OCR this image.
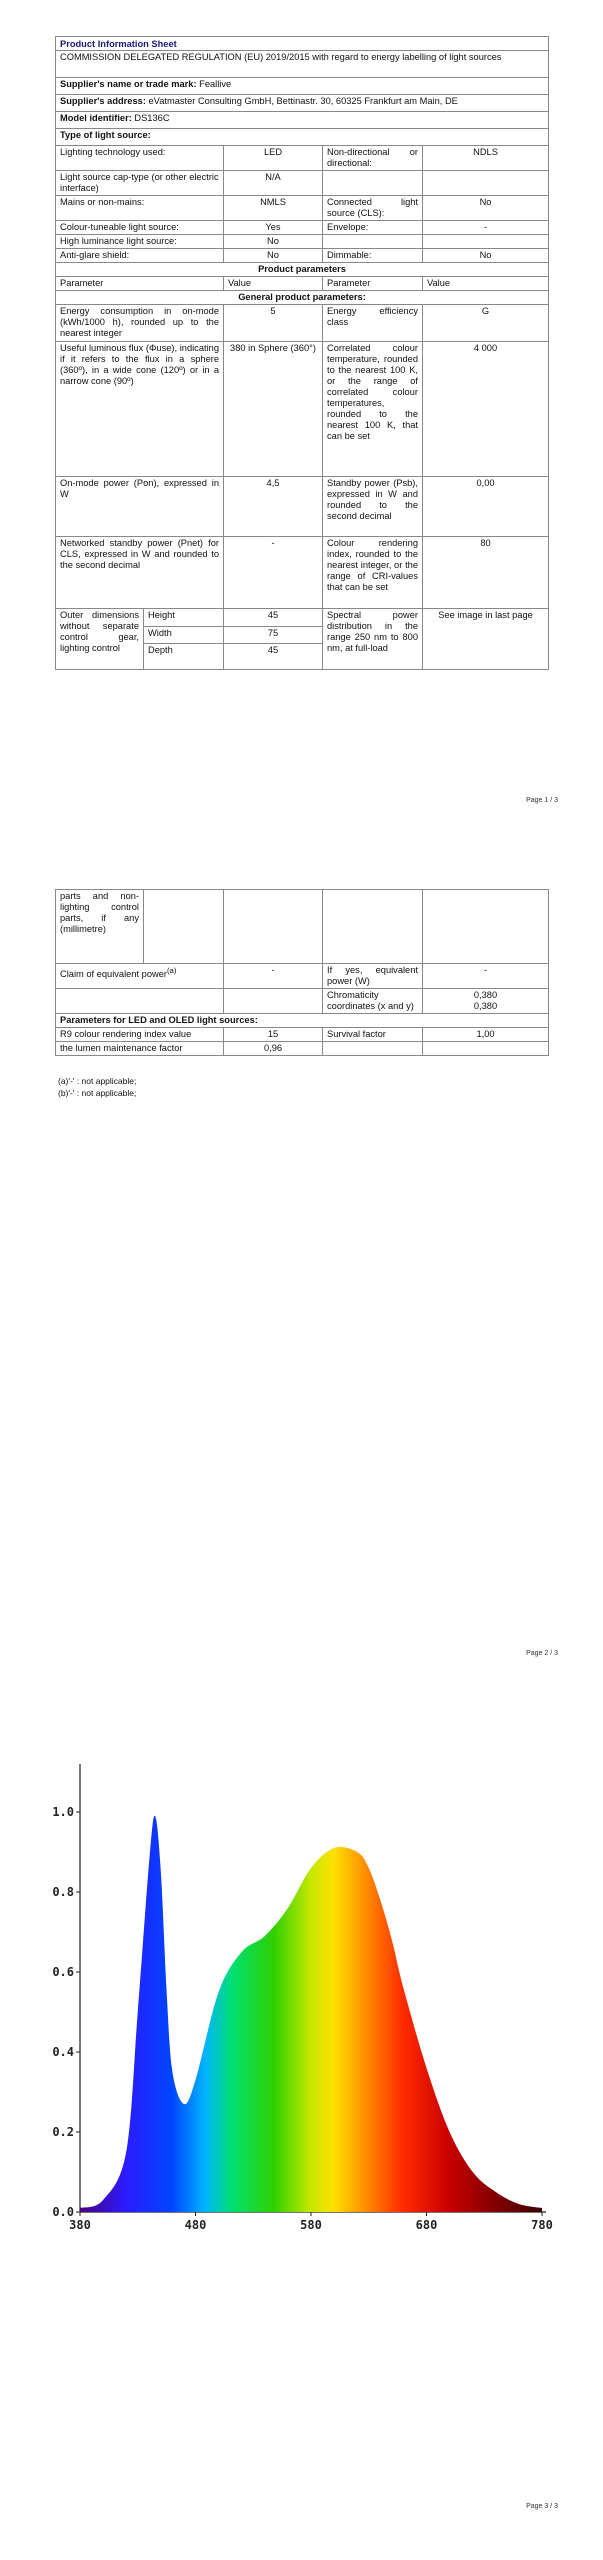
Product Information Sheet				
COMMISSION DELEGATED REGULATION (EU) 2019/2015 with regard to energy labelling of light sources				
Supplier's name or trade mark: Feallive				
Supplier's address: eVatmaster Consulting GmbH, Bettinastr. 30, 60325 Frankfurt am Main, DE				
Model identifier: DS136C				
Type of light source:				
Lighting technology used:		LED	Non-directional or directional:	NDLS
Light source cap-type (or other electric interface)		N/A		
Mains or non-mains:		NMLS	Connected light source (CLS):	No
Colour-tuneable light source:		Yes	Envelope:	-
High luminance light source:		No		
Anti-glare shield:		No	Dimmable:	No
Product parameters				
Parameter		Value	Parameter	Value
General product parameters:				
Energy consumption in on-mode (kWh/1000 h), rounded up to the nearest integer		5	Energy efficiency class	G
Useful luminous flux (Φuse), indicating if it refers to the flux in a sphere (360º), in a wide cone (120º) or in a narrow cone (90º)		380 in Sphere (360°)	Correlated colour temperature, rounded to the nearest 100 K, or the range of correlated colour temperatures, rounded to the nearest 100 K, that can be set	4 000
On-mode power (Pon), expressed in W		4,5	Standby power (Psb), expressed in W and rounded to the second decimal	0,00
Networked standby power (Pnet) for CLS, expressed in W and rounded to the second decimal		-	Colour rendering index, rounded to the nearest integer, or the range of CRI-values that can be set	80
Outer dimensions without separate control gear, lighting control	Height	45	Spectral power distribution in the range 250 nm to 800 nm, at full-load	See image in last page
	Width	75		
	Depth	45		
Page 1 / 3
parts and non-lighting control parts, if any (millimetre)				
Claim of equivalent power$^{(a)}$		-	If yes, equivalent power (W)	-
			Chromaticity coordinates (x and y)	0,380
0,380
Parameters for LED and OLED light sources:				
R9 colour rendering index value		15	Survival factor	1,00
the lumen maintenance factor		0,96		
(a)'-' : not applicable;
(b)'-' : not applicable;
Page 2 / 3
0.0
0.2
0.4
0.6
0.8
1.0
380	480	580	680	780
Page 3 / 3
